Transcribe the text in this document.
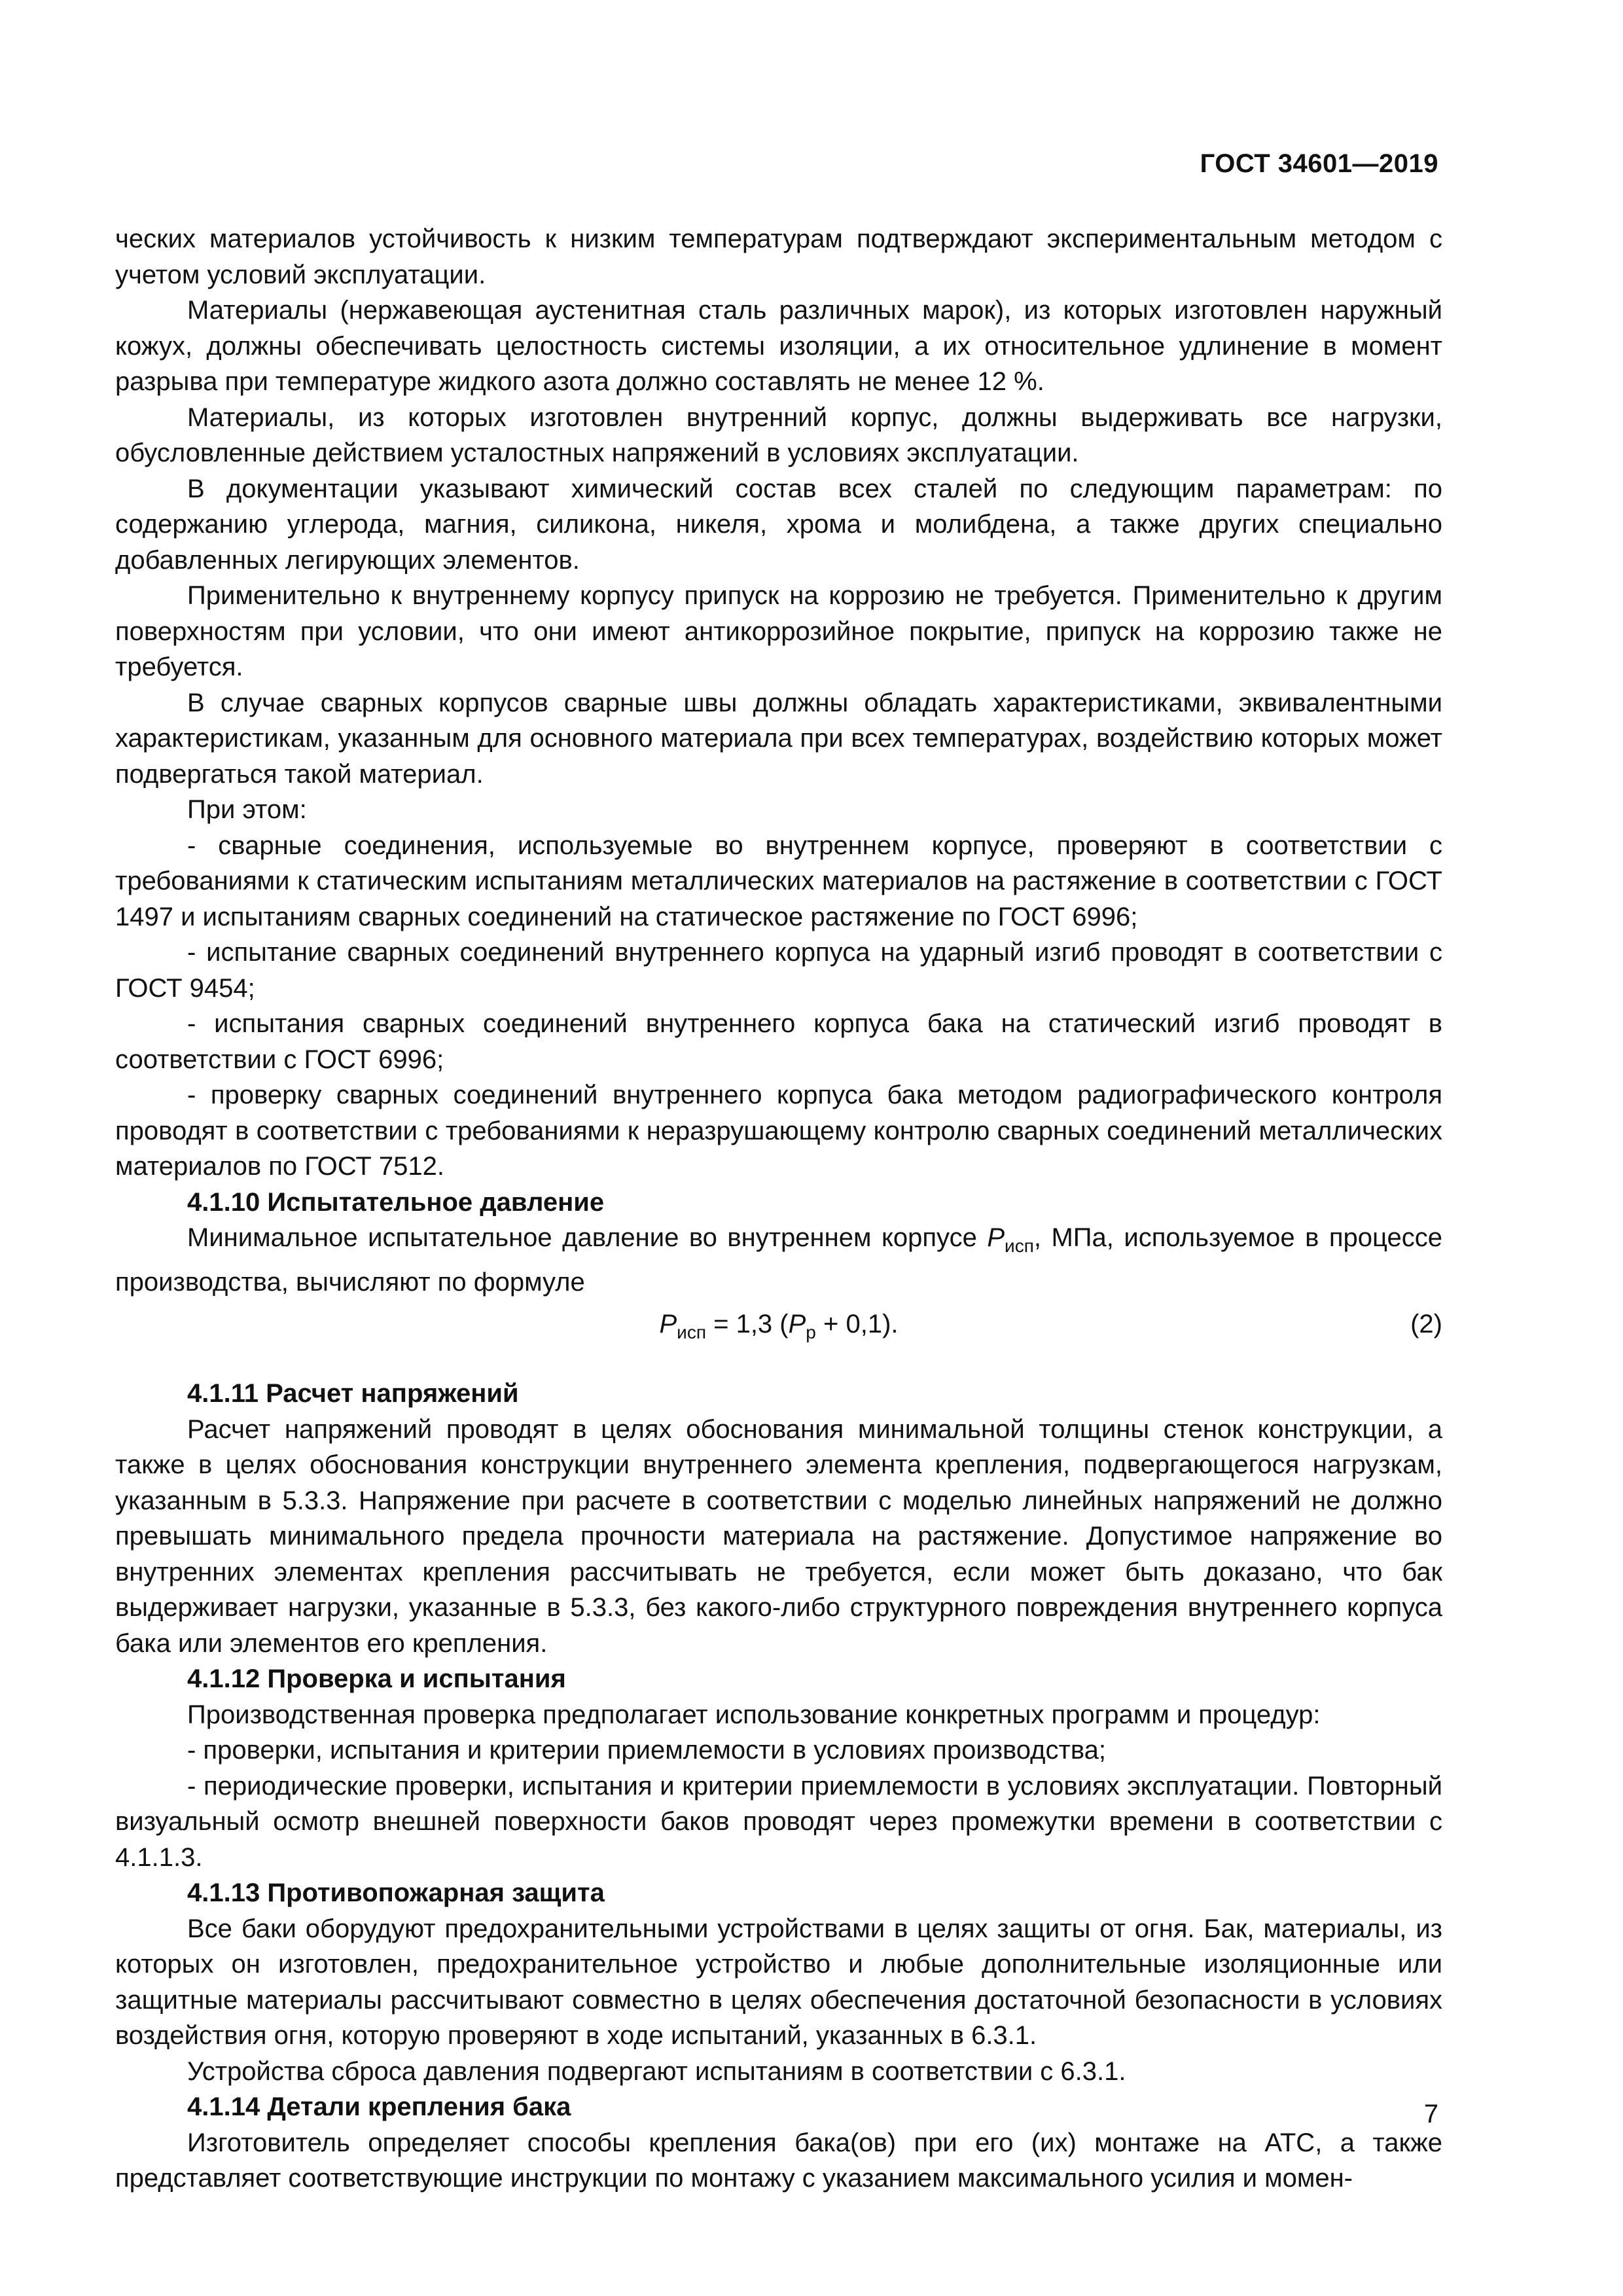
ГОСТ 34601—2019

ческих материалов устойчивость к низким температурам подтверждают экспериментальным методом с учетом условий эксплуатации.

Материалы (нержавеющая аустенитная сталь различных марок), из которых изготовлен наружный кожух, должны обеспечивать целостность системы изоляции, а их относительное удлинение в момент разрыва при температуре жидкого азота должно составлять не менее 12 %.

Материалы, из которых изготовлен внутренний корпус, должны выдерживать все нагрузки, обусловленные действием усталостных напряжений в условиях эксплуатации.

В документации указывают химический состав всех сталей по следующим параметрам: по содержанию углерода, магния, силикона, никеля, хрома и молибдена, а также других специально добавленных легирующих элементов.

Применительно к внутреннему корпусу припуск на коррозию не требуется. Применительно к другим поверхностям при условии, что они имеют антикоррозийное покрытие, припуск на коррозию также не требуется.

В случае сварных корпусов сварные швы должны обладать характеристиками, эквивалентными характеристикам, указанным для основного материала при всех температурах, воздействию которых может подвергаться такой материал.

При этом:

- сварные соединения, используемые во внутреннем корпусе, проверяют в соответствии с требованиями к статическим испытаниям металлических материалов на растяжение в соответствии с ГОСТ 1497 и испытаниям сварных соединений на статическое растяжение по ГОСТ 6996;

- испытание сварных соединений внутреннего корпуса на ударный изгиб проводят в соответствии с ГОСТ 9454;

- испытания сварных соединений внутреннего корпуса бака на статический изгиб проводят в соответствии с ГОСТ 6996;

- проверку сварных соединений внутреннего корпуса бака методом радиографического контроля проводят в соответствии с требованиями к неразрушающему контролю сварных соединений металлических материалов по ГОСТ 7512.

4.1.10 Испытательное давление

Минимальное испытательное давление во внутреннем корпусе $P_{исп}$, МПа, используемое в процессе производства, вычисляют по формуле

$P_{исп} = 1,3$ $(P_р + 0,1)$.	(2)

4.1.11 Расчет напряжений

Расчет напряжений проводят в целях обоснования минимальной толщины стенок конструкции, а также в целях обоснования конструкции внутреннего элемента крепления, подвергающегося нагрузкам, указанным в 5.3.3. Напряжение при расчете в соответствии с моделью линейных напряжений не должно превышать минимального предела прочности материала на растяжение. Допустимое напряжение во внутренних элементах крепления рассчитывать не требуется, если может быть доказано, что бак выдерживает нагрузки, указанные в 5.3.3, без какого-либо структурного повреждения внутреннего корпуса бака или элементов его крепления.

4.1.12 Проверка и испытания

Производственная проверка предполагает использование конкретных программ и процедур:

- проверки, испытания и критерии приемлемости в условиях производства;

- периодические проверки, испытания и критерии приемлемости в условиях эксплуатации. Повторный визуальный осмотр внешней поверхности баков проводят через промежутки времени в соответствии с 4.1.1.3.

4.1.13 Противопожарная защита

Все баки оборудуют предохранительными устройствами в целях защиты от огня. Бак, материалы, из которых он изготовлен, предохранительное устройство и любые дополнительные изоляционные или защитные материалы рассчитывают совместно в целях обеспечения достаточной безопасности в условиях воздействия огня, которую проверяют в ходе испытаний, указанных в 6.3.1.

Устройства сброса давления подвергают испытаниям в соответствии с 6.3.1.

4.1.14 Детали крепления бака

Изготовитель определяет способы крепления бака(ов) при его (их) монтаже на АТС, а также представляет соответствующие инструкции по монтажу с указанием максимального усилия и момен-

7
